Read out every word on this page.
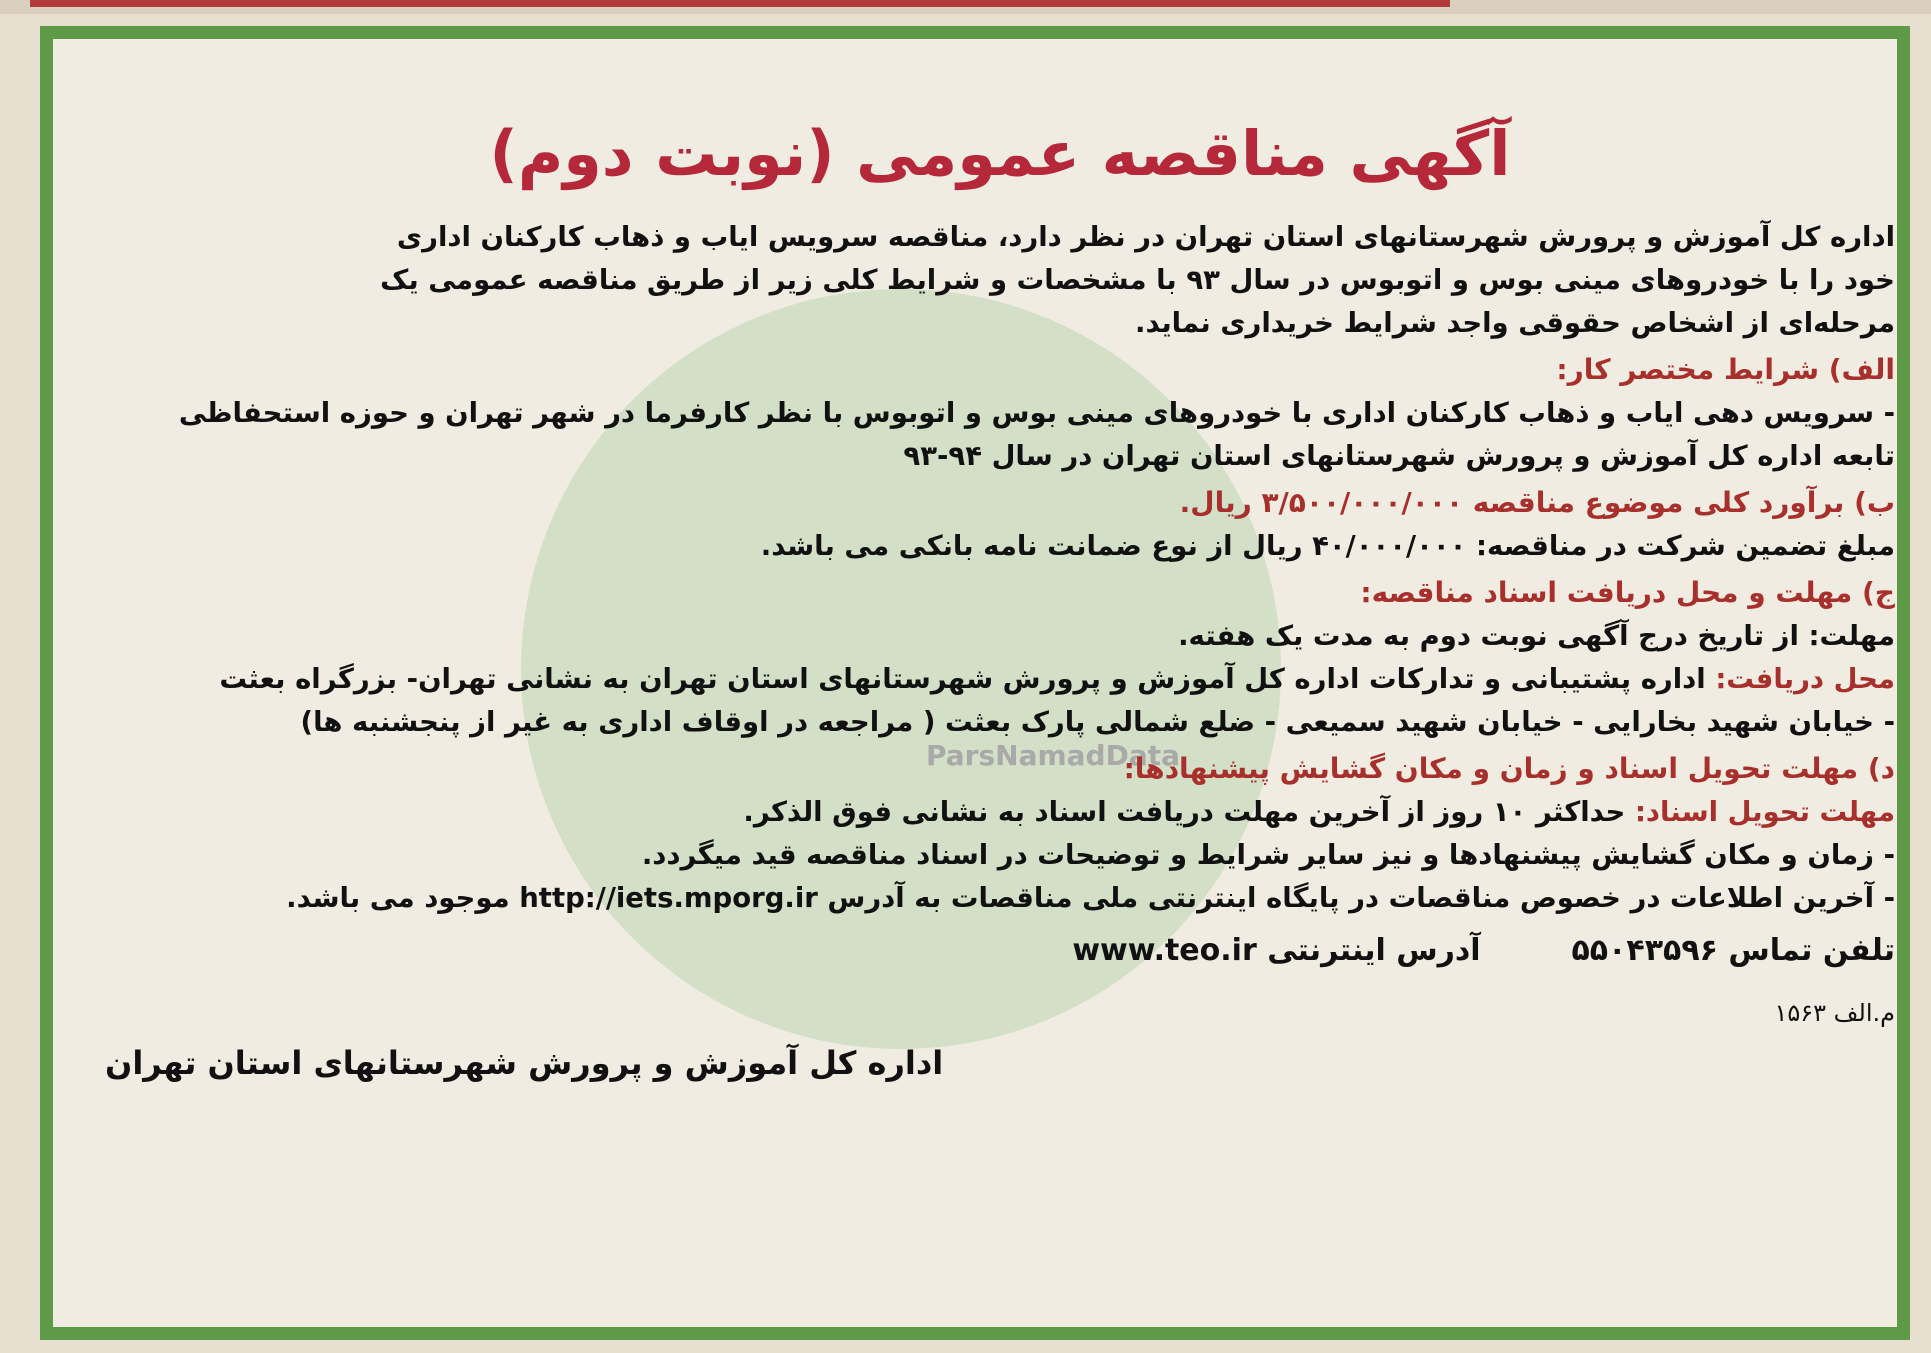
ParsNamadData
آگهی مناقصه عمومی (نوبت دوم)

اداره کل آموزش و پرورش شهرستانهای استان تهران در نظر دارد، مناقصه سرویس ایاب و ذهاب کارکنان اداری

خود را با خودروهای مینی بوس و اتوبوس در سال ۹۳ با مشخصات و شرایط کلی زیر از طریق مناقصه عمومی یک

مرحله‌ای از اشخاص حقوقی واجد شرایط خریداری نماید.

الف) شرایط مختصر کار:

- سرویس دهی ایاب و ذهاب کارکنان اداری با خودروهای مینی بوس و اتوبوس با نظر کارفرما در شهر تهران و حوزه استحفاظی

تابعه اداره کل آموزش و پرورش شهرستانهای استان تهران در سال ۹۴-۹۳

ب) برآورد کلی موضوع مناقصه ۳/۵۰۰/۰۰۰/۰۰۰ ریال.

مبلغ تضمین شرکت در مناقصه: ۴۰/۰۰۰/۰۰۰ ریال از نوع ضمانت نامه بانکی می باشد.

ج) مهلت و محل دریافت اسناد مناقصه:

مهلت: از تاریخ درج آگهی نوبت دوم به مدت یک هفته.

محل دریافت: اداره پشتیبانی و تدارکات اداره کل آموزش و پرورش شهرستانهای استان تهران به نشانی تهران- بزرگراه بعثت

- خیابان شهید بخارایی - خیابان شهید سمیعی - ضلع شمالی پارک بعثت ( مراجعه در اوقاف اداری به غیر از پنجشنبه ها)

د) مهلت تحویل اسناد و زمان و مکان گشایش پیشنهادها:

مهلت تحویل اسناد: حداکثر ۱۰ روز از آخرین مهلت دریافت اسناد به نشانی فوق الذکر.

- زمان و مکان گشایش پیشنهادها و نیز سایر شرایط و توضیحات در اسناد مناقصه قید میگردد.

- آخرین اطلاعات در خصوص مناقصات در پایگاه اینترنتی ملی مناقصات به آدرس http://iets.mporg.ir موجود می باشد.

تلفن تماس ۵۵۰۴۳۵۹۶  آدرس اینترنتی www.teo.ir
م.الف ۱۵۶۳
اداره کل آموزش و پرورش شهرستانهای استان تهران
